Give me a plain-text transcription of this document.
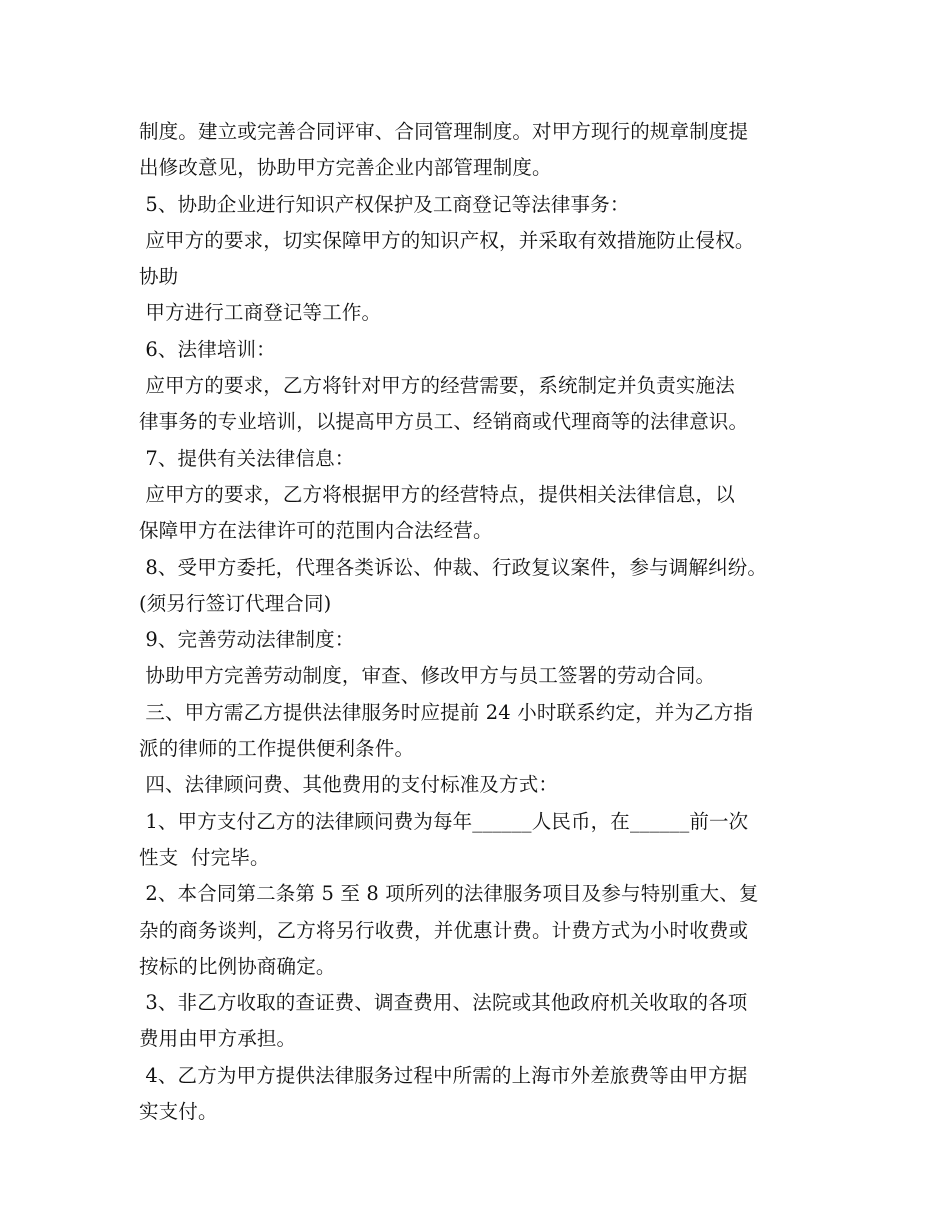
制度。建立或完善合同评审、合同管理制度。对甲方现行的规章制度提
出修改意见，协助甲方完善企业内部管理制度。
5、协助企业进行知识产权保护及工商登记等法律事务：
应甲方的要求，切实保障甲方的知识产权，并采取有效措施防止侵权。
协助
甲方进行工商登记等工作。
6、法律培训：
应甲方的要求，乙方将针对甲方的经营需要，系统制定并负责实施法
律事务的专业培训，以提高甲方员工、经销商或代理商等的法律意识。
7、提供有关法律信息：
应甲方的要求，乙方将根据甲方的经营特点，提供相关法律信息，以
保障甲方在法律许可的范围内合法经营。
8、受甲方委托，代理各类诉讼、仲裁、行政复议案件，参与调解纠纷。
(须另行签订代理合同)
9、完善劳动法律制度：
协助甲方完善劳动制度，审查、修改甲方与员工签署的劳动合同。
三、甲方需乙方提供法律服务时应提前 24 小时联系约定，并为乙方指
派的律师的工作提供便利条件。
四、法律顾问费、其他费用的支付标准及方式：
1、甲方支付乙方的法律顾问费为每年______人民币，在______前一次
性支  付完毕。
2、本合同第二条第 5 至 8 项所列的法律服务项目及参与特别重大、复
杂的商务谈判，乙方将另行收费，并优惠计费。计费方式为小时收费或
按标的比例协商确定。
3、非乙方收取的查证费、调查费用、法院或其他政府机关收取的各项
费用由甲方承担。
4、乙方为甲方提供法律服务过程中所需的上海市外差旅费等由甲方据
实支付。
